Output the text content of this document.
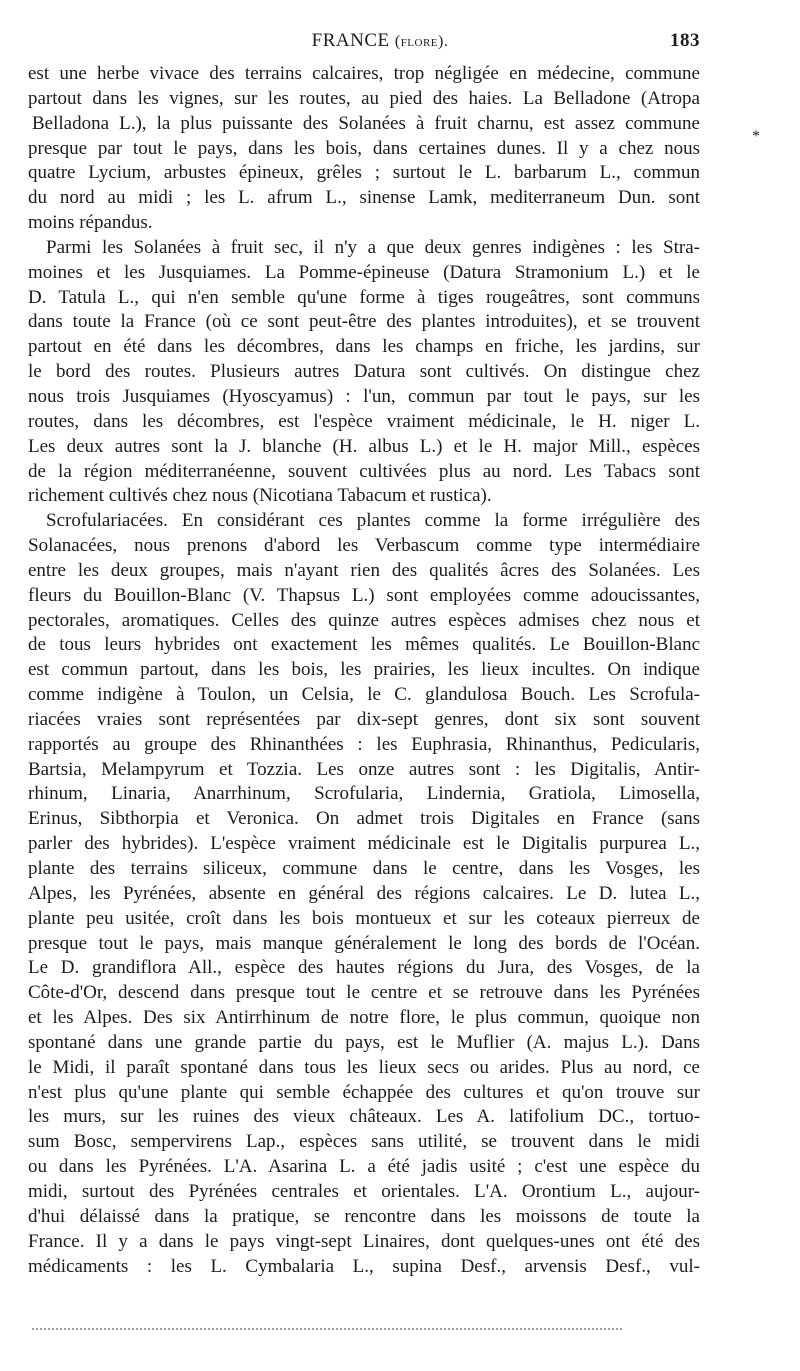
FRANCE (flore).	183
*
est une herbe vivace des terrains calcaires, trop négligée en médecine, commune
partout dans les vignes, sur les routes, au pied des haies. La Belladone (Atropa
Belladona L.), la plus puissante des Solanées à fruit charnu, est assez commune
presque par tout le pays, dans les bois, dans certaines dunes. Il y a chez nous
quatre Lycium, arbustes épineux, grêles ; surtout le L. barbarum L., commun
du nord au midi ; les L. afrum L., sinense Lamk, mediterraneum Dun. sont
moins répandus.
Parmi les Solanées à fruit sec, il n'y a que deux genres indigènes : les Stra-
moines et les Jusquiames. La Pomme-épineuse (Datura Stramonium L.) et le
D. Tatula L., qui n'en semble qu'une forme à tiges rougeâtres, sont communs
dans toute la France (où ce sont peut-être des plantes introduites), et se trouvent
partout en été dans les décombres, dans les champs en friche, les jardins, sur
le bord des routes. Plusieurs autres Datura sont cultivés. On distingue chez
nous trois Jusquiames (Hyoscyamus) : l'un, commun par tout le pays, sur les
routes, dans les décombres, est l'espèce vraiment médicinale, le H. niger L.
Les deux autres sont la J. blanche (H. albus L.) et le H. major Mill., espèces
de la région méditerranéenne, souvent cultivées plus au nord. Les Tabacs sont
richement cultivés chez nous (Nicotiana Tabacum et rustica).
Scrofulariacées. En considérant ces plantes comme la forme irrégulière des
Solanacées, nous prenons d'abord les Verbascum comme type intermédiaire
entre les deux groupes, mais n'ayant rien des qualités âcres des Solanées. Les
fleurs du Bouillon-Blanc (V. Thapsus L.) sont employées comme adoucissantes,
pectorales, aromatiques. Celles des quinze autres espèces admises chez nous et
de tous leurs hybrides ont exactement les mêmes qualités. Le Bouillon-Blanc
est commun partout, dans les bois, les prairies, les lieux incultes. On indique
comme indigène à Toulon, un Celsia, le C. glandulosa Bouch. Les Scrofula-
riacées vraies sont représentées par dix-sept genres, dont six sont souvent
rapportés au groupe des Rhinanthées : les Euphrasia, Rhinanthus, Pedicularis,
Bartsia, Melampyrum et Tozzia. Les onze autres sont : les Digitalis, Antir-
rhinum, Linaria, Anarrhinum, Scrofularia, Lindernia, Gratiola, Limosella,
Erinus, Sibthorpia et Veronica. On admet trois Digitales en France (sans
parler des hybrides). L'espèce vraiment médicinale est le Digitalis purpurea L.,
plante des terrains siliceux, commune dans le centre, dans les Vosges, les
Alpes, les Pyrénées, absente en général des régions calcaires. Le D. lutea L.,
plante peu usitée, croît dans les bois montueux et sur les coteaux pierreux de
presque tout le pays, mais manque généralement le long des bords de l'Océan.
Le D. grandiflora All., espèce des hautes régions du Jura, des Vosges, de la
Côte-d'Or, descend dans presque tout le centre et se retrouve dans les Pyrénées
et les Alpes. Des six Antirrhinum de notre flore, le plus commun, quoique non
spontané dans une grande partie du pays, est le Muflier (A. majus L.). Dans
le Midi, il paraît spontané dans tous les lieux secs ou arides. Plus au nord, ce
n'est plus qu'une plante qui semble échappée des cultures et qu'on trouve sur
les murs, sur les ruines des vieux châteaux. Les A. latifolium DC., tortuo-
sum Bosc, sempervirens Lap., espèces sans utilité, se trouvent dans le midi
ou dans les Pyrénées. L'A. Asarina L. a été jadis usité ; c'est une espèce du
midi, surtout des Pyrénées centrales et orientales. L'A. Orontium L., aujour-
d'hui délaissé dans la pratique, se rencontre dans les moissons de toute la
France. Il y a dans le pays vingt-sept Linaires, dont quelques-unes ont été des
médicaments : les L. Cymbalaria L., supina Desf., arvensis Desf., vul-
